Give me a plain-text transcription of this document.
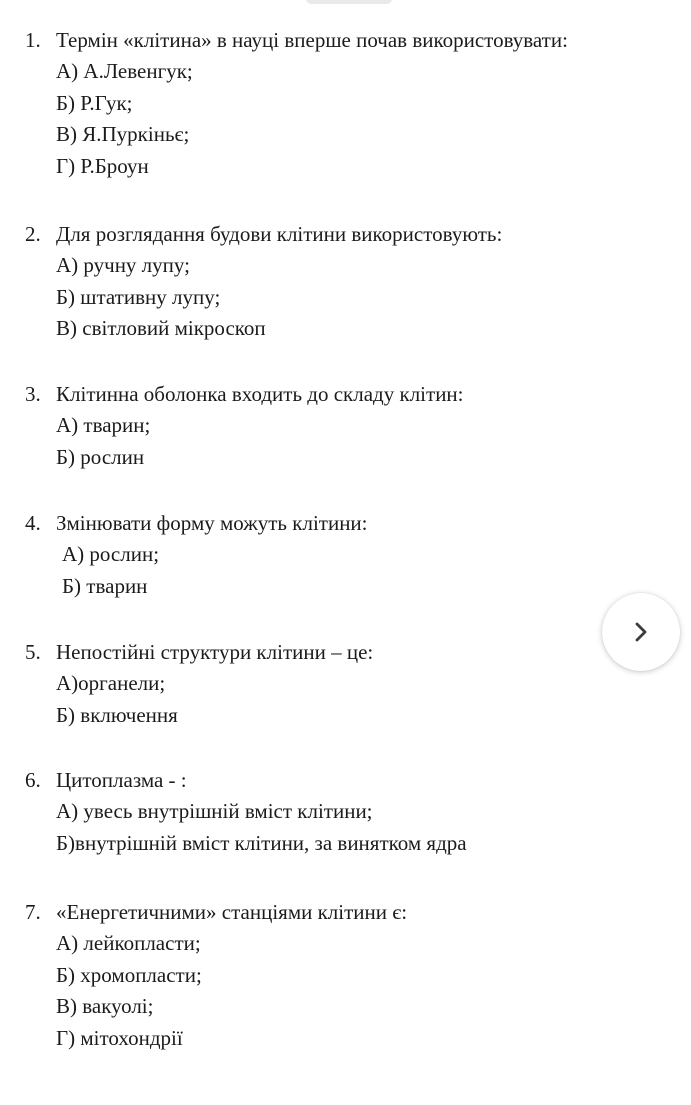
1. Термін «клітина» в науці вперше почав використовувати:
А) А.Левенгук;
Б) Р.Гук;
В) Я.Пуркіньє;
Г) Р.Броун
2. Для розглядання будови клітини використовують:
А) ручну лупу;
Б) штативну лупу;
В) світловий мікроскоп
3. Клітинна оболонка входить до складу клітин:
А) тварин;
Б) рослин
4. Змінювати форму можуть клітини:
А) рослин;
Б) тварин
5. Непостійні структури клітини – це:
А)органели;
Б) включення
6. Цитоплазма - :
А) увесь внутрішній вміст клітини;
Б)внутрішній вміст клітини, за винятком ядра
7. «Енергетичними» станціями клітини є:
А) лейкопласти;
Б) хромопласти;
В) вакуолі;
Г) мітохондрії
